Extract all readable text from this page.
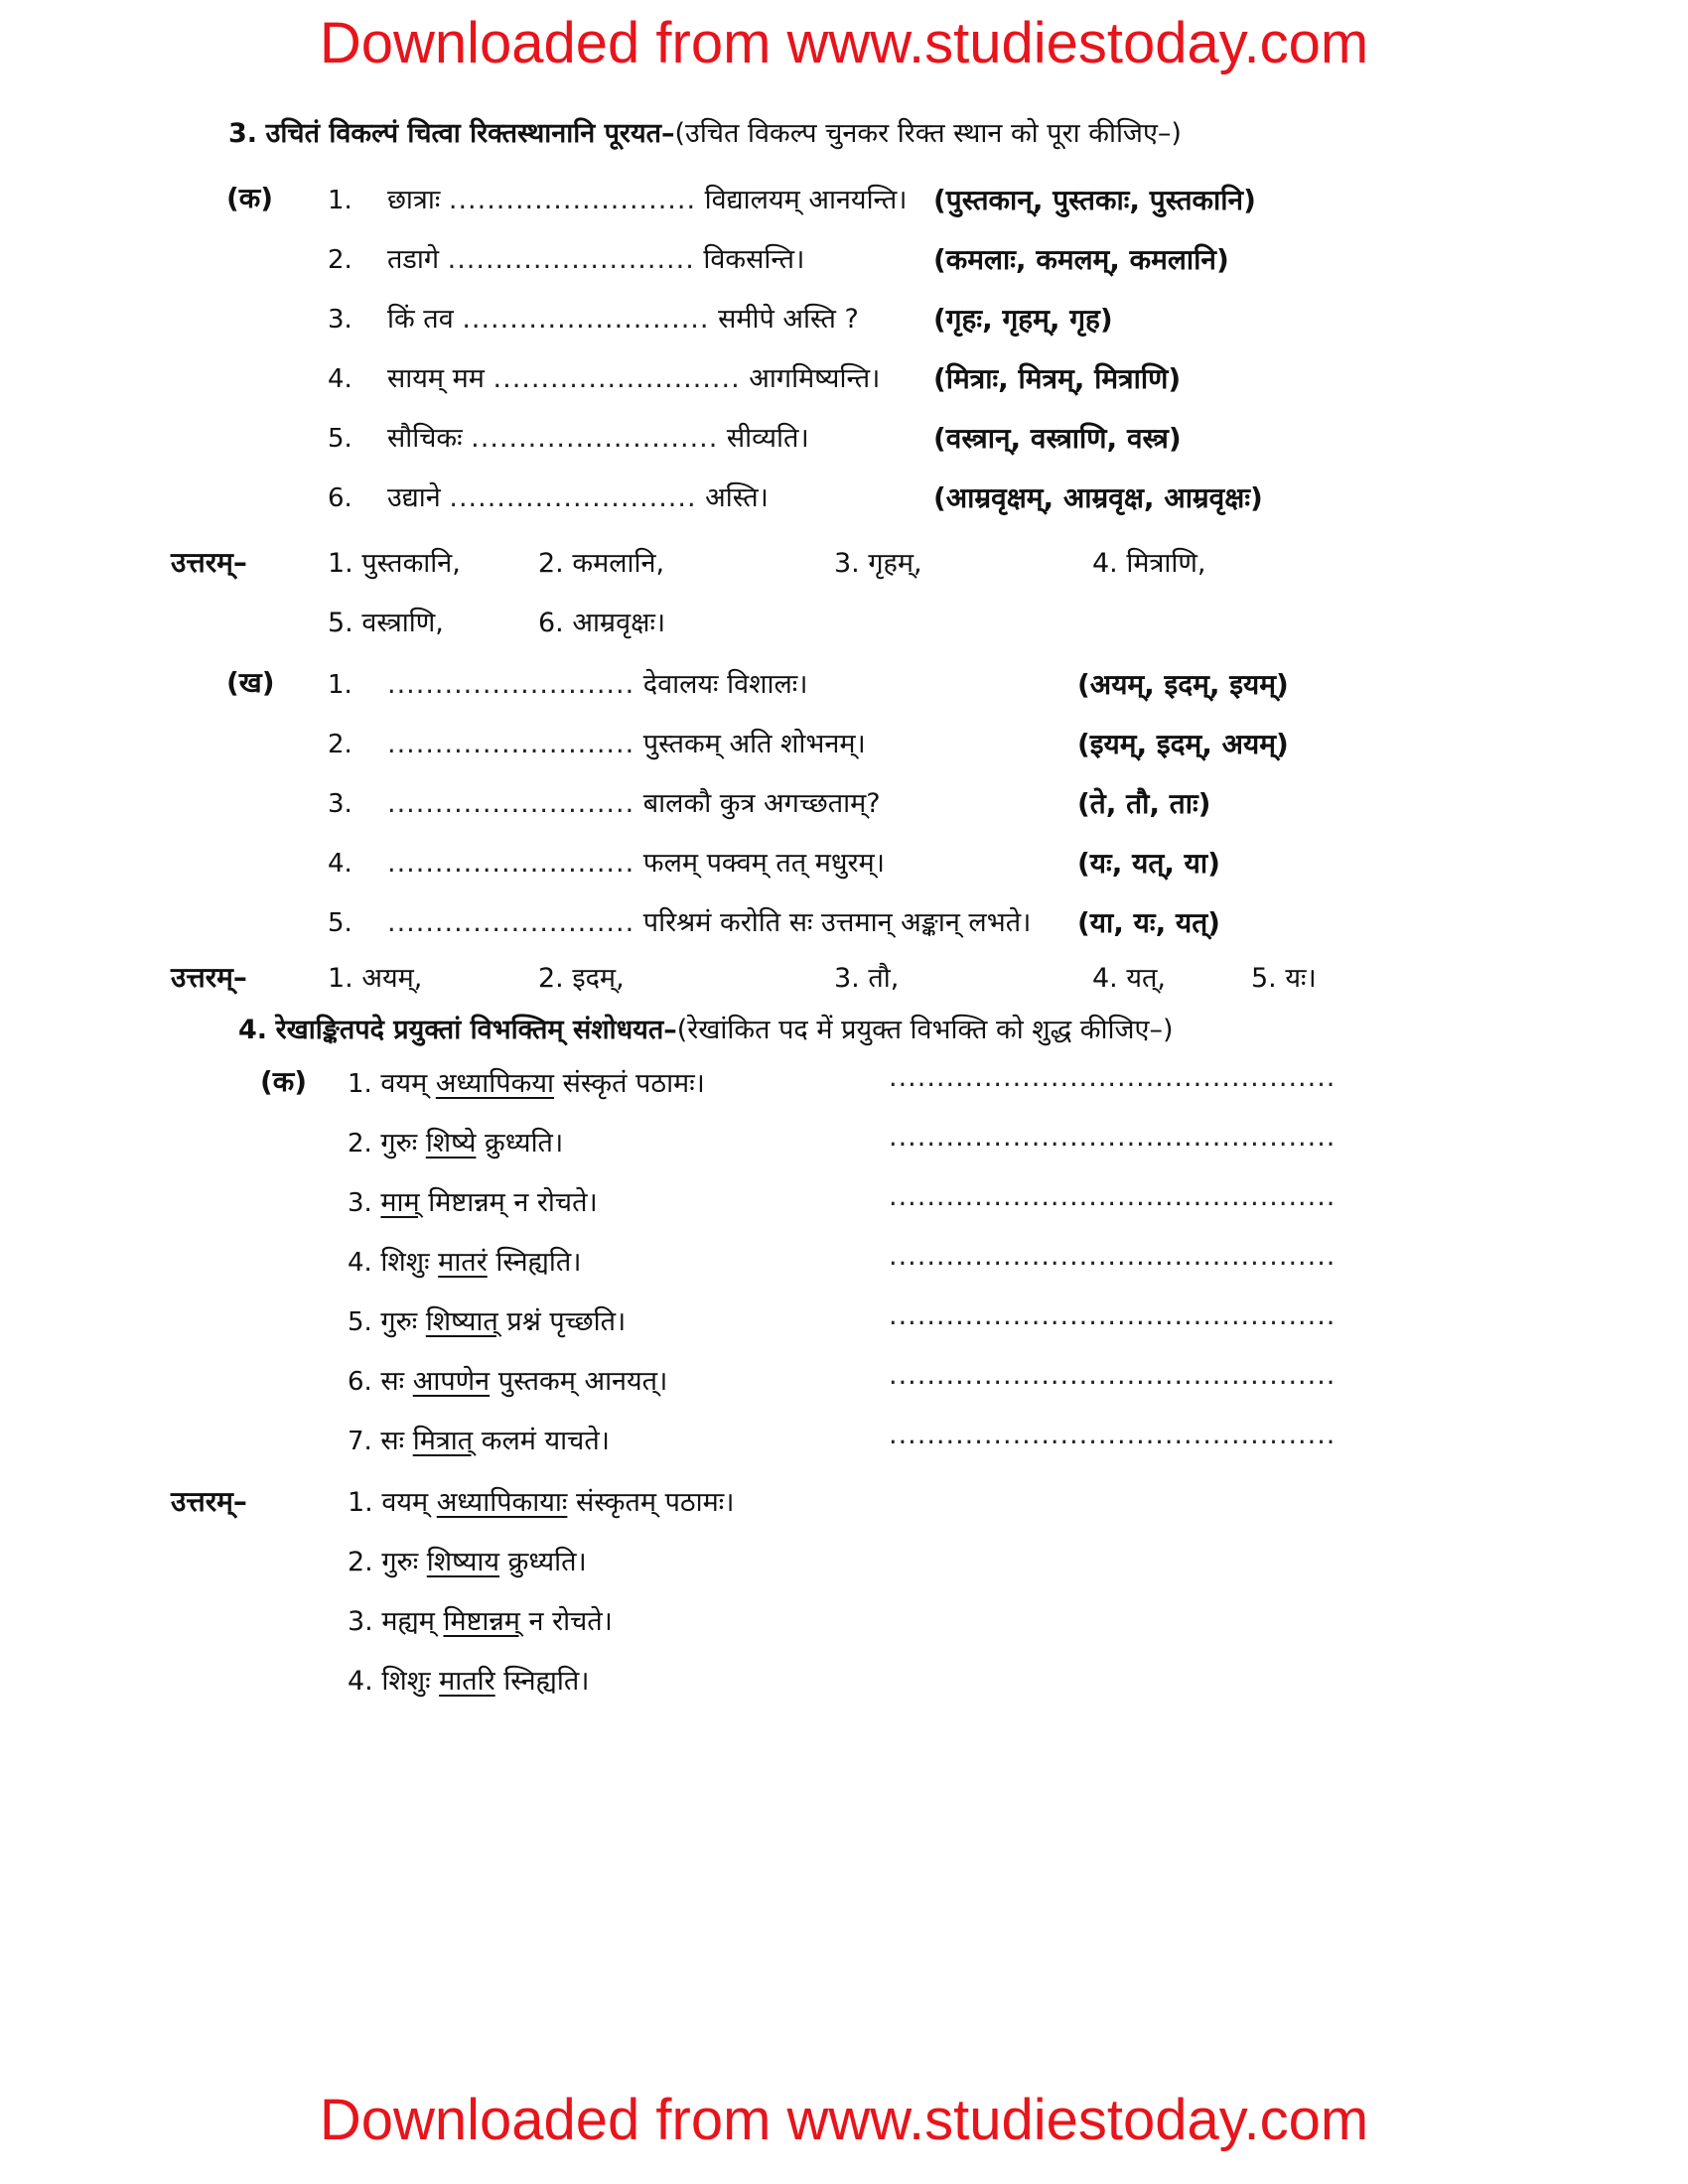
Downloaded from www.studiestoday.com
3. उचितं विकल्पं चित्वा रिक्तस्थानानि पूरयत–(उचित विकल्प चुनकर रिक्त स्थान को पूरा कीजिए–)
(क) 1. छात्राः .......................... विद्यालयम् आनयन्ति। (पुस्तकान्, पुस्तकाः, पुस्तकानि)
2. तडागे .......................... विकसन्ति।	(कमलाः, कमलम्, कमलानि)
3. किं तव .......................... समीपे अस्ति ?	(गृहः, गृहम्, गृह)
4. सायम् मम .......................... आगमिष्यन्ति। (मित्राः, मित्रम्, मित्राणि)
5. सौचिकः .......................... सीव्यति।	(वस्त्रान्, वस्त्राणि, वस्त्र)
6. उद्याने .......................... अस्ति।	(आम्रवृक्षम्, आम्रवृक्ष, आम्रवृक्षः)
उत्तरम्–	1. पुस्तकानि,	2. कमलानि,	3. गृहम्,	4. मित्राणि,
5. वस्त्राणि,	6. आम्रवृक्षः।
(ख) 1. .......................... देवालयः विशालः।	(अयम्, इदम्, इयम्)
2. .......................... पुस्तकम् अति शोभनम्।	(इयम्, इदम्, अयम्)
3. .......................... बालकौ कुत्र अगच्छताम्?	(ते, तौ, ताः)
4. .......................... फलम् पक्वम् तत् मधुरम्।	(यः, यत्, या)
5. .......................... परिश्रमं करोति सः उत्तमान् अङ्कान् लभते। (या, यः, यत्)
उत्तरम्–	1. अयम्,	2. इदम्,	3. तौ,	4. यत्,	5. यः।
4. रेखाङ्कितपदे प्रयुक्तां विभक्तिम् संशोधयत–(रेखांकित पद में प्रयुक्त विभक्ति को शुद्ध कीजिए–)
(क) 1. वयम् अध्यापिकया संस्कृतं पठामः।	...............................................
2. गुरुः शिष्ये क्रुध्यति।	...............................................
3. माम् मिष्टान्नम् न रोचते।	...............................................
4. शिशुः मातरं स्निह्यति।	...............................................
5. गुरुः शिष्यात् प्रश्नं पृच्छति।	...............................................
6. सः आपणेन पुस्तकम् आनयत्।	...............................................
7. सः मित्रात् कलमं याचते।	...............................................
उत्तरम्–	1. वयम् अध्यापिकायाः संस्कृतम् पठामः।
2. गुरुः शिष्याय क्रुध्यति।
3. मह्यम् मिष्टान्नम् न रोचते।
4. शिशुः मातरि स्निह्यति।
Downloaded from www.studiestoday.com
